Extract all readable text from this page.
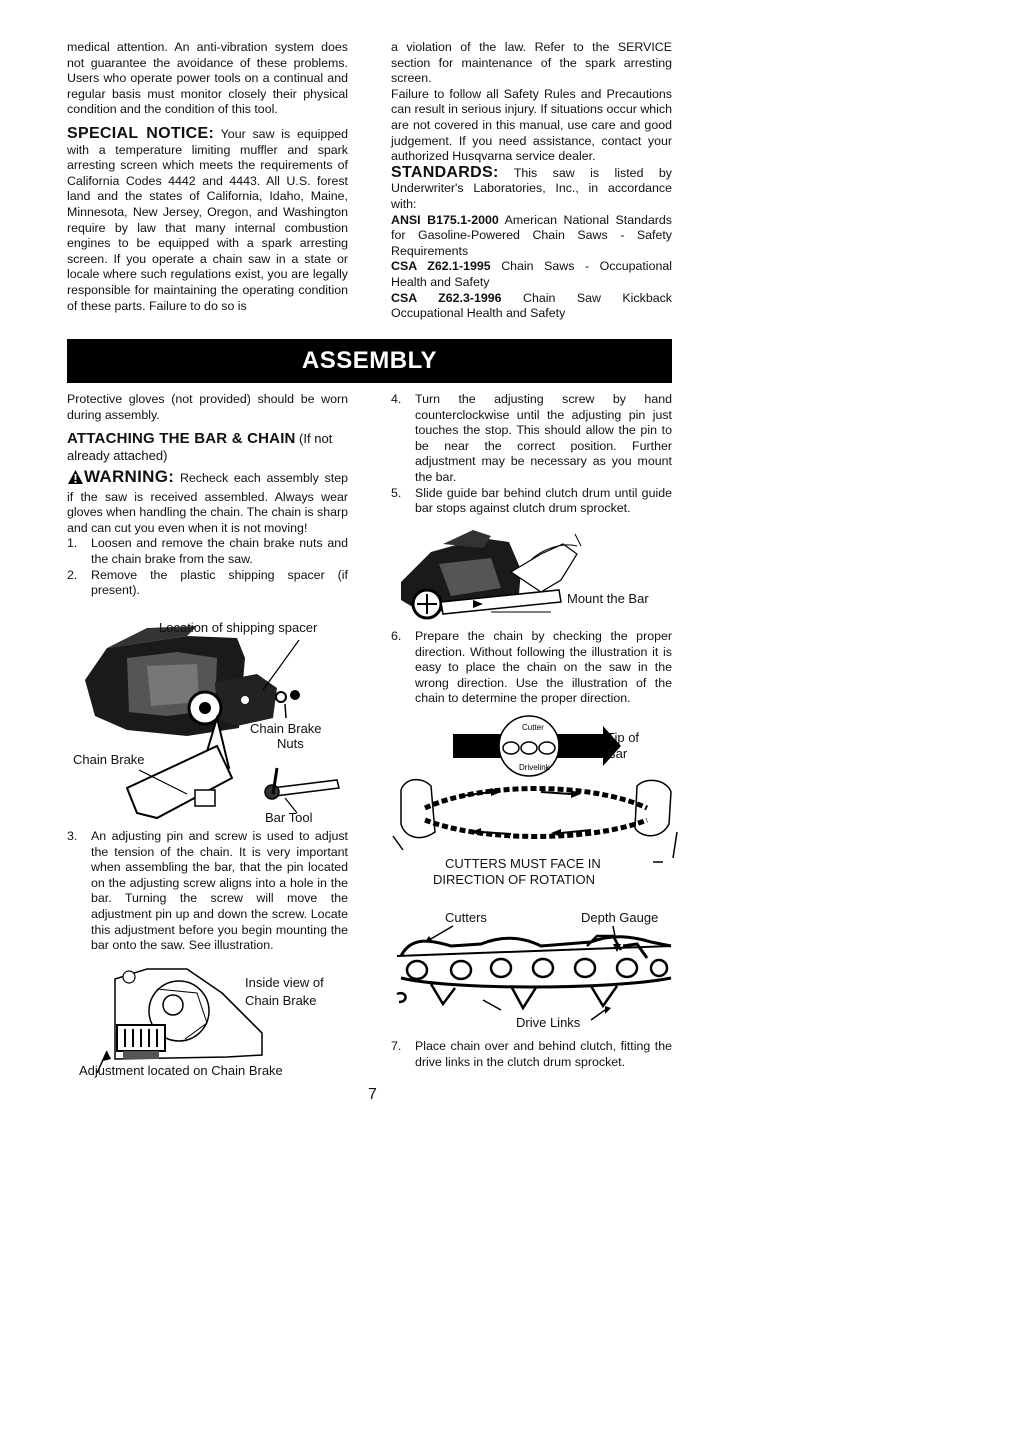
medical attention. An anti-vibration system does not guarantee the avoidance of these problems. Users who operate power tools on a continual and regular basis must monitor closely their physical condition and the condition of this tool.

SPECIAL NOTICE: Your saw is equipped with a temperature limiting muffler and spark arresting screen which meets the requirements of California Codes 4442 and 4443. All U.S. forest land and the states of California, Idaho, Maine, Minnesota, New Jersey, Oregon, and Washington require by law that many internal combustion engines to be equipped with a spark arresting screen. If you operate a chain saw in a state or locale where such regulations exist, you are legally responsible for maintaining the operating condition of these parts. Failure to do so is

a violation of the law. Refer to the SERVICE section for maintenance of the spark arresting screen.

Failure to follow all Safety Rules and Precautions can result in serious injury. If situations occur which are not covered in this manual, use care and good judgement. If you need assistance, contact your authorized Husqvarna service dealer.

STANDARDS: This saw is listed by Underwriter's Laboratories, Inc., in accordance with:

ANSI B175.1-2000 American National Standards for Gasoline-Powered Chain Saws - Safety Requirements

CSA Z62.1-1995 Chain Saws - Occupational Health and Safety

CSA Z62.3-1996 Chain Saw Kickback Occupational Health and Safety

ASSEMBLY

Protective gloves (not provided) should be worn during assembly.

ATTACHING THE BAR & CHAIN (If not already attached)

WARNING: Recheck each assembly step if the saw is received assembled. Always wear gloves when handling the chain. The chain is sharp and can cut you even when it is not moving!

1. Loosen and remove the chain brake nuts and the chain brake from the saw.
2. Remove the plastic shipping spacer (if present).
Location of shipping spacer
Chain Brake
Nuts
Chain Brake
Bar Tool
3. An adjusting pin and screw is used to adjust the tension of the chain. It is very important when assembling the bar, that the pin located on the adjusting screw aligns into a hole in the bar. Turning the screw will move the adjustment pin up and down the screw. Locate this adjustment before you begin mounting the bar onto the saw. See illustration.
Inside view of
Chain Brake
Adjustment located on Chain Brake
4. Turn the adjusting screw by hand counterclockwise until the adjusting pin just touches the stop. This should allow the pin to be near the correct position. Further adjustment may be necessary as you mount the bar.
5. Slide guide bar behind clutch drum until guide bar stops against clutch drum sprocket.
Mount the Bar
6. Prepare the chain by checking the proper direction. Without following the illustration it is easy to place the chain on the saw in the wrong direction. Use the illustration of the chain to determine the proper direction.
Cutter
Drivelink
Tip of
Bar
CUTTERS MUST FACE IN
DIRECTION OF ROTATION
Cutters	Depth Gauge
Drive Links
7. Place chain over and behind clutch, fitting the drive links in the clutch drum sprocket.
7
